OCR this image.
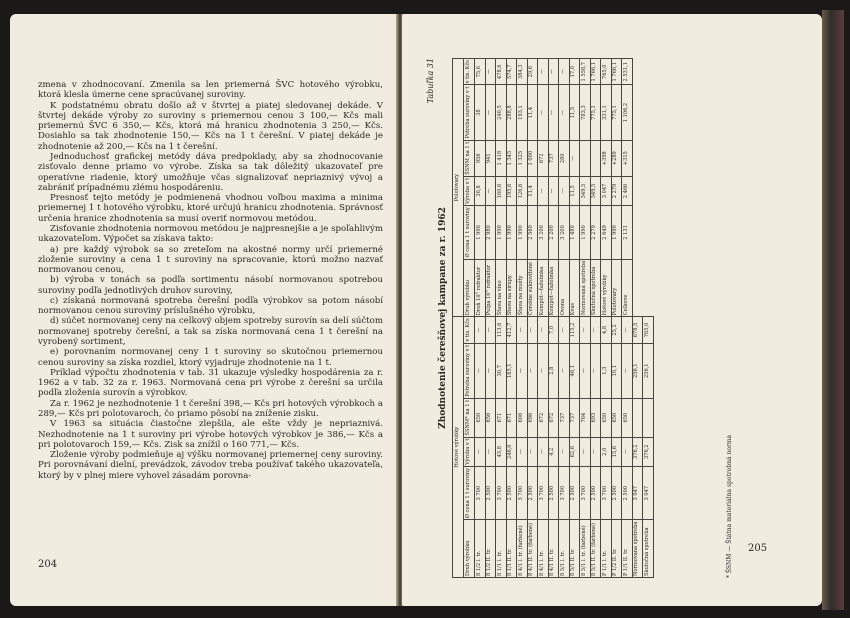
zmena v zhodnocovaní. Zmenila sa len priemerná ŠVC hotového výrobku, ktorá klesla úmerne cene spracúvanej suroviny.

K podstatnému obratu došlo až v štvrtej a piatej sledovanej dekáde. V štvrtej dekáde výroby zo suroviny s priemernou cenou 3 100,— Kčs mali priemernú ŠVC 6 350,— Kčs, ktorá má hranicu zhodnotenia 3 250,— Kčs. Dosiahlo sa tak zhodnotenie 150,— Kčs na 1 t čerešní. V piatej dekáde je zhodnotenie až 200,— Kčs na 1 t čerešní.

Jednoduchosť grafickej metódy dáva predpoklady, aby sa zhodnocovanie zisťovalo denne priamo vo výrobe. Získa sa tak dôležitý ukazovateľ pre operatívne riadenie, ktorý umožňuje včas signalizovať nepriaznivý vývoj a zabrániť prípadnému zlému hospodáreniu.

Presnosť tejto metódy je podmienená vhodnou voľbou maxima a minima priemernej 1 t hotového výrobku, ktoré určujú hranicu zhodnotenia. Správnosť určenia hranice zhodnotenia sa musí overiť normovou metódou.

Zisťovanie zhodnotenia normovou metódou je najpresnejšie a je spoľahlivým ukazovateľom. Výpočet sa získava takto:

a) pre každý výrobok sa so zreteľom na akostné normy určí priemerné zloženie suroviny a cena 1 t suroviny na spracovanie, ktorú možno nazvať normovanou cenou,

b) výroba v tonách sa podľa sortimentu násobí normovanou spotrebou suroviny podľa jednotlivých druhov suroviny,

c) získaná normovaná spotreba čerešní podľa výrobkov sa potom násobí normovanou cenou suroviny príslušného výrobku,

d) súčet normovanej ceny na celkový objem spotreby surovín sa delí súčtom normovanej spotreby čerešní, a tak sa získa normovaná cena 1 t čerešní na vyrobený sortiment,

e) porovnaním normovanej ceny 1 t suroviny so skutočnou priemernou cenou suroviny sa získa rozdiel, ktorý vyjadruje zhodnotenie na 1 t.

Príklad výpočtu zhodnotenia v tab. 31 ukazuje výsledky hospodárenia za r. 1962 a v tab. 32 za r. 1963. Normovaná cena pri výrobe z čerešní sa určila podľa zloženia surovín a výrobkov.

Za r. 1962 je nezhodnotenie 1 t čerešní 398,— Kčs pri hotových výrobkoch a 289,— Kčs pri polotovaroch, čo priamo pôsobí na zníženie zisku.

V 1963 sa situácia čiastočne zlepšila, ale ešte vždy je nepriaznivá. Nezhodnotenie na 1 t suroviny pri výrobe hotových výrobkov je 386,— Kčs a pri polotovaroch 159,— Kčs. Zisk sa znížil o 160 771,— Kčs.

Zloženie výroby podmieňuje aj výšku normovanej priemernej ceny suroviny. Pri porovnávaní dielní, prevádzok, závodov treba používať takého ukazovateľa, ktorý by v plnej miere vyhovel zásadám porovna-

204
205
Tabuľka 31
Zhodnotenie čerešňovej kampane za r. 1962
Hotové výrobky						Polotovary					
Druh výrobku	Ø cena 1 t suroviny	Výroba v t	ŠSNM* na 1 t	Potreba suroviny v t	v tis. Kčs	Druh výrobku	Ø cena 1 t suroviny	Výroba v t	ŠSNM na 1 t	Potreba suroviny v t	v tis. Kčs
8 1/2 l. tr.	3 700	—	650	—	—	Dreň 10° refraktor	1 990	30,8	956	38	75,6
8 1/2 II. tr.	2 500	—	656	—	—	Pulpa 10° refraktor	2 980	—	941	—	—
8 1/1 l. tr.	3 700	45,8	671	30,7	113,6	Šťava na víno	1 990	160,6	1 418	240,5	478,6
8 1/1 II. tr.	2 500	246,0	671	165,1	412,7	Šťava na sirupy	1 990	195,6	1 345	288,8	574,7
8 4/1 l. tr. (farbené)	3 700	—	606	—	—	Šťava na mušty	1 990	126,6	1 325	193,1	384,3
8 4/1 II. tr. (farbené)	2 500	—	696	—	—	Čerešne sukrovitené	2 560	11,4	1 000	11,4	29,6
8 4/1 l. tr.	3 700	—	672	—	—	Kompót—ťažobnka	3 200	—	672	—	—
8 4/1 II. tr.	2 500	4,2	672	2,8	7,0	Kompót—ťažobnka	2 200	—	737	—	—
8 5/1 l. tr.	3 700	—	737	—	—	Ovona	3 200	—	280	—	—
8 5/1 II. tr.	2 500	62,6	737	46,1	115,2	Kvas	1 480	11,5	—	11,5	17,0
8 5/1 l. tr. (farbené)	3 700	—	764	—	—	Normovaná spotreba	1 990	549,5		783,3	1 558,7
8 5/1 II. tr. (farbené)	2 500	—	693	—	—	Skutočná spotreba	2 279	549,5		775,1	1 766,1
P 1/1 l. tr.	3 700	2,0	650	1,3	4,8	Hotové výrobky	2 649	3 047	+398	331,1	765,0
P 1/2 II. tr.	2 500	15,6	650	10,1	25,2	Polotovary	1 990	2 279	+289	775,1	1 766,1
P 1/1 II. tr.	2 500	—	650	—	—	Celkove	2 131	2 466	+315	1 106,2	2 531,1
Normovaná spotreba	3 047	376,2		256,1	678,5						
Skutočná spotreba	3 047	376,2		256,1	765,0						
* ŠSNM — Štátna materiálna spotrebná norma
